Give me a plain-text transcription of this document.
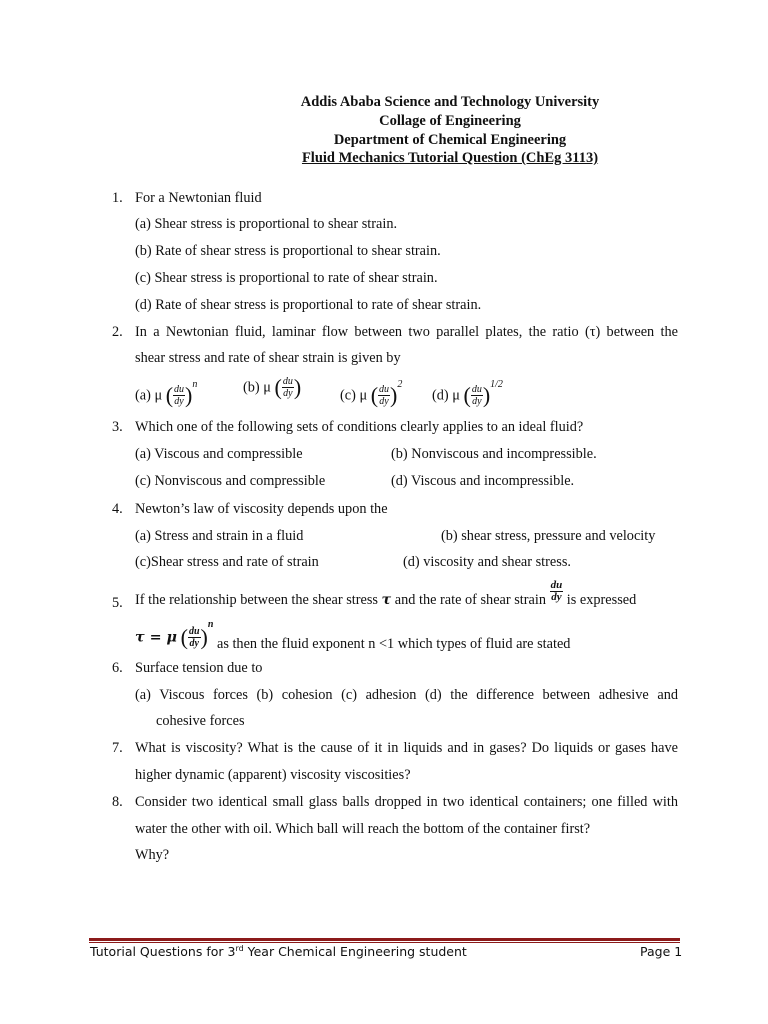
Addis Ababa Science and Technology University
Collage of Engineering
Department of Chemical Engineering
Fluid Mechanics Tutorial Question (ChEg 3113)
1. For a Newtonian fluid
(a) Shear stress is proportional to shear strain.
(b) Rate of shear stress is proportional to shear strain.
(c) Shear stress is proportional to rate of shear strain.
(d) Rate of shear stress is proportional to rate of shear strain.
2. In a Newtonian fluid, laminar flow between two parallel plates, the ratio (τ) between the
shear stress and rate of shear strain is given by
(a) μ ( $\frac{du}{dy} )^n$	(b) μ ( $\frac{du}{dy}$ )	(c) μ ( $\frac{du}{dy} )^2$
(d) μ ( $\frac{du}{dy} )^{1/2}$
3. Which one of the following sets of conditions clearly applies to an ideal fluid?
(a) Viscous and compressible	(b) Nonviscous and incompressible.
(c) Nonviscous and compressible	(d) Viscous and incompressible.
4. Newton’s law of viscosity depends upon the
(a) Stress and strain in a fluid	(b) shear stress, pressure and velocity
(c)Shear stress and rate of strain	(d) viscosity and shear stress.
5. If the relationship between the shear stress τ and the rate of shear strain $\frac{du}{dy}$ is expressed
τ = μ ( $\frac{du}{dy} )^n$ as then the fluid exponent n <1 which types of fluid are stated
6. Surface tension due to
(a) Viscous forces (b) cohesion (c) adhesion (d) the difference between adhesive and
cohesive forces
7. What is viscosity? What is the cause of it in liquids and in gases? Do liquids or gases have
higher dynamic (apparent) viscosity viscosities?
8. Consider two identical small glass balls dropped in two identical containers; one filled with
water the other with oil. Which ball will reach the bottom of the container first?
Why?
Tutorial Questions for 3rd Year Chemical Engineering student	Page 1
